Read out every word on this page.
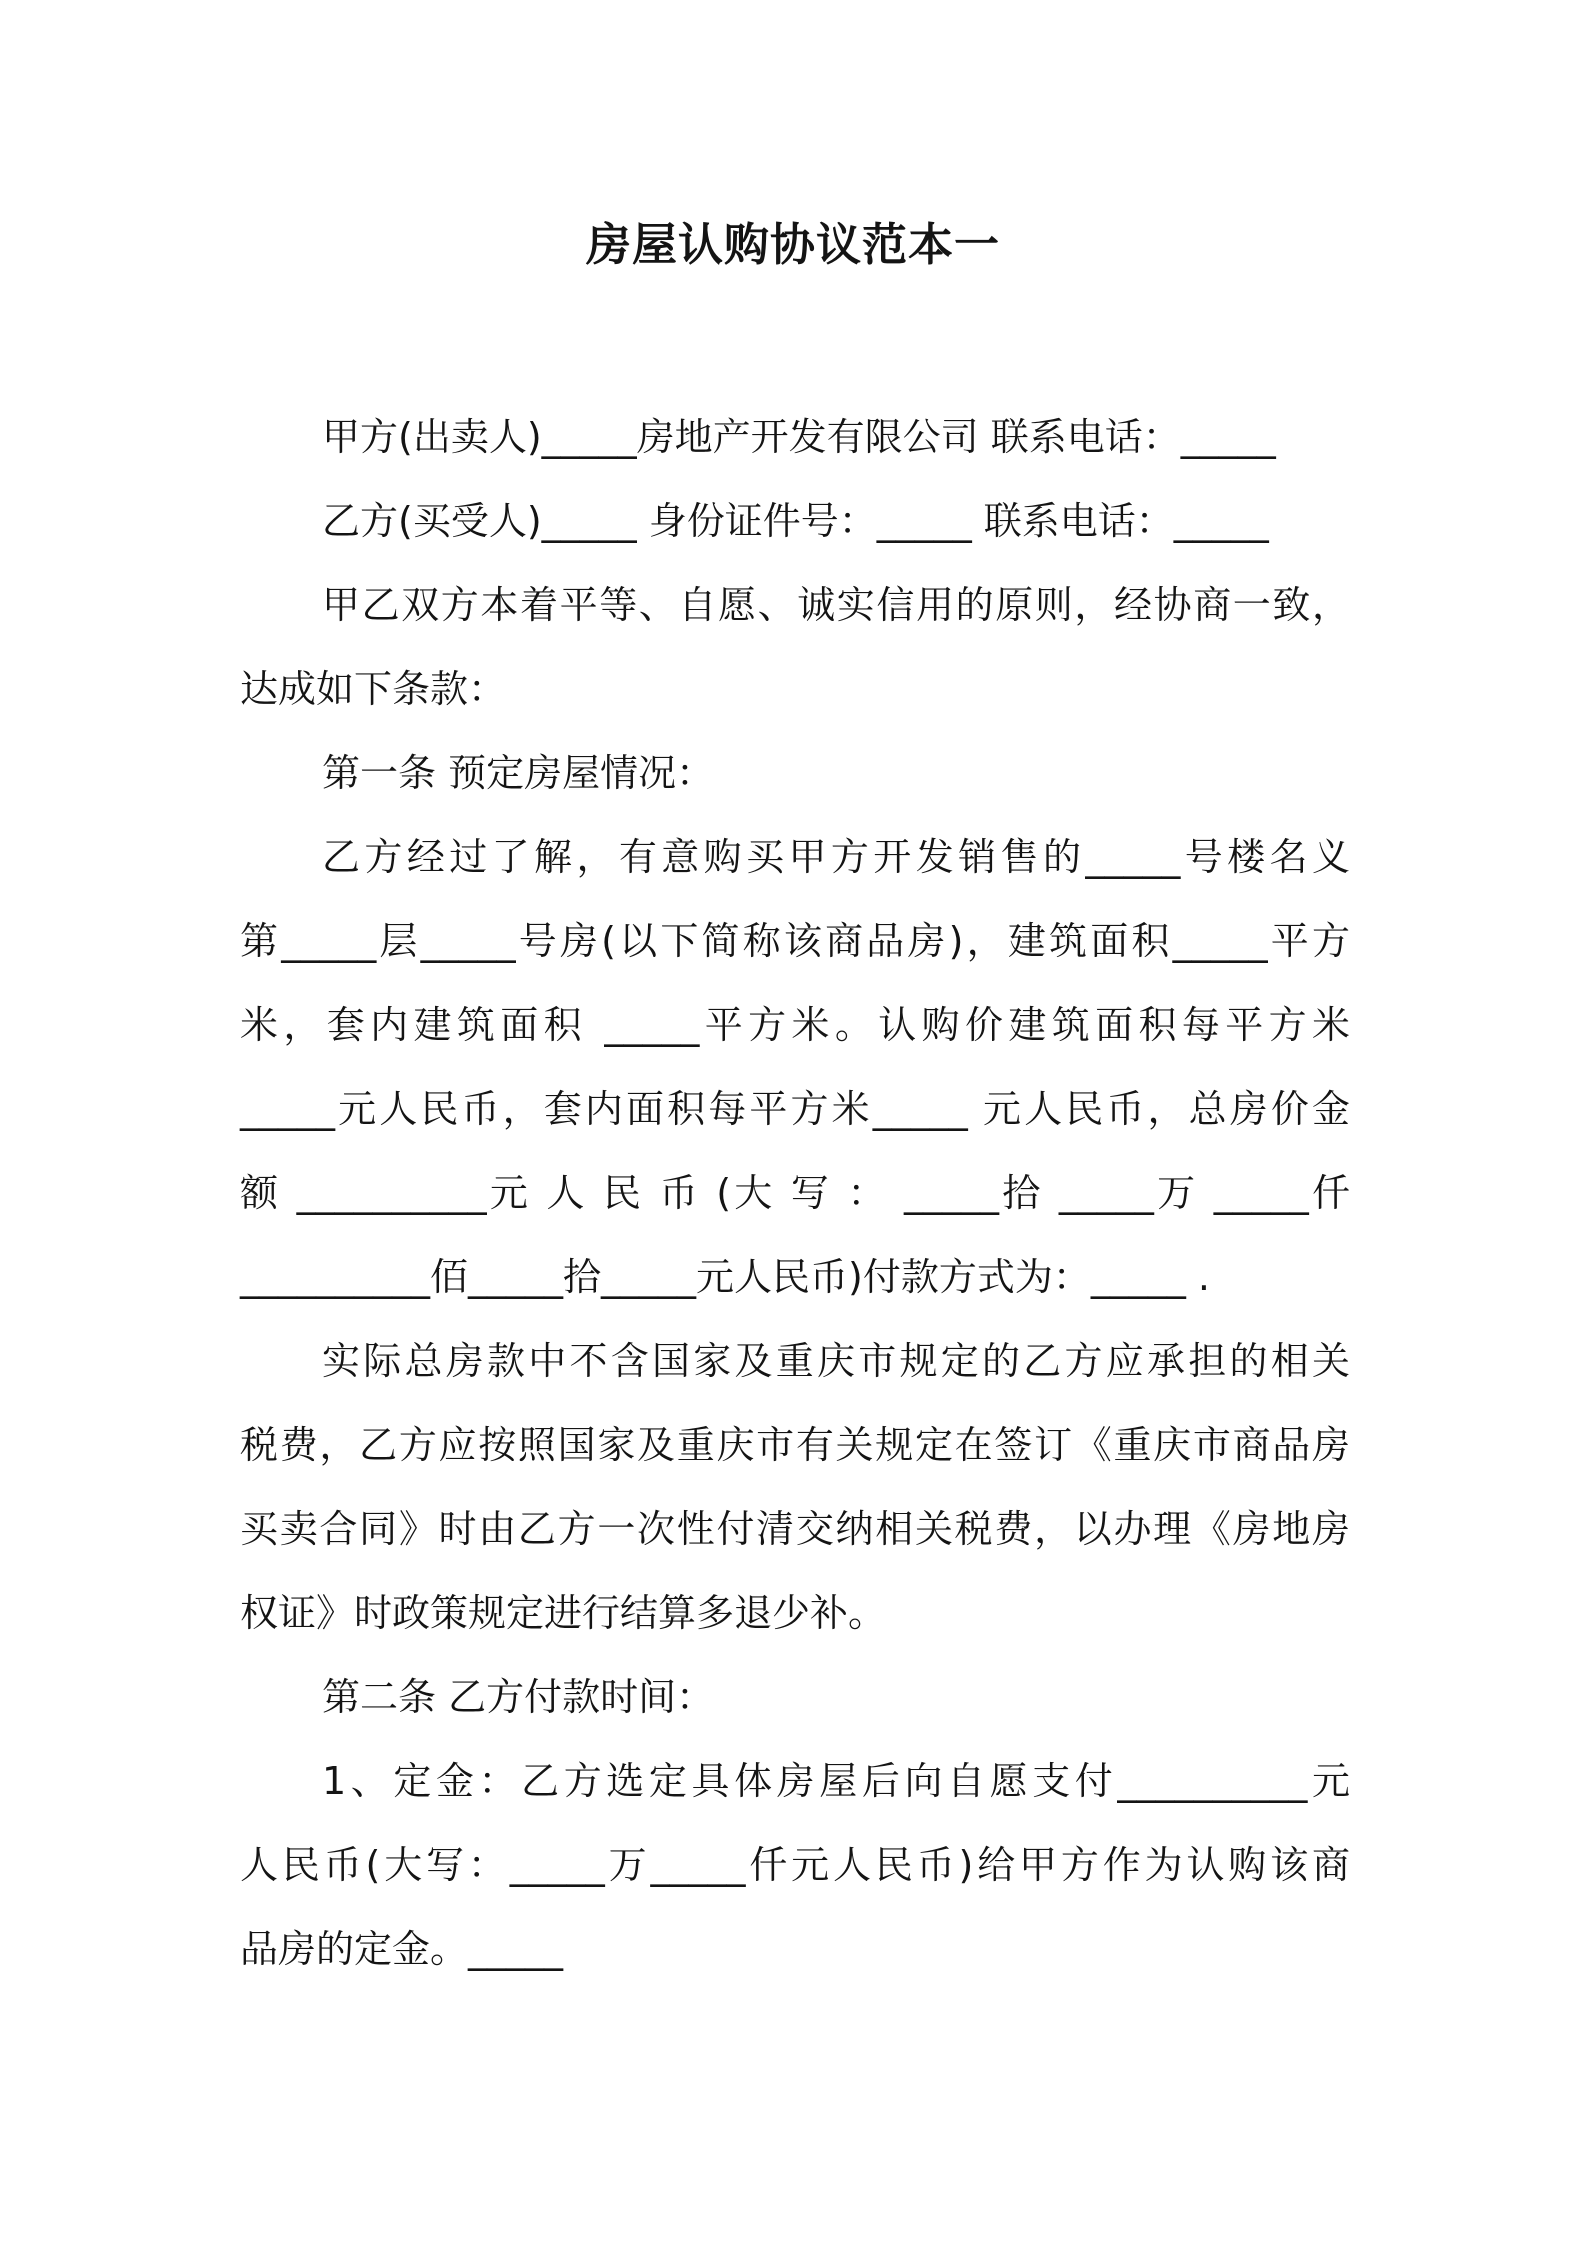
房屋认购协议范本一

甲方(出卖人)_____房地产开发有限公司 联系电话：_____

乙方(买受人)_____ 身份证件号：_____ 联系电话：_____

甲乙双方本着平等、自愿、诚实信用的原则，经协商一致，

达成如下条款：

第一条 预定房屋情况：

乙方经过了解，有意购买甲方开发销售的_____号楼名义

第_____层_____号房(以下简称该商品房)，建筑面积_____平方

米，套内建筑面积 _____平方米。认购价建筑面积每平方米

_____元人民币，套内面积每平方米_____ 元人民币，总房价金

额 __________元 人 民 币 (大 写 ： _____拾 _____万 _____仟

__________佰_____拾_____元人民币)付款方式为：_____ .

实际总房款中不含国家及重庆市规定的乙方应承担的相关

税费，乙方应按照国家及重庆市有关规定在签订《重庆市商品房

买卖合同》时由乙方一次性付清交纳相关税费，以办理《房地房

权证》时政策规定进行结算多退少补。

第二条 乙方付款时间：

1、定金：乙方选定具体房屋后向自愿支付__________元

人民币(大写：_____万_____仟元人民币)给甲方作为认购该商

品房的定金。_____
